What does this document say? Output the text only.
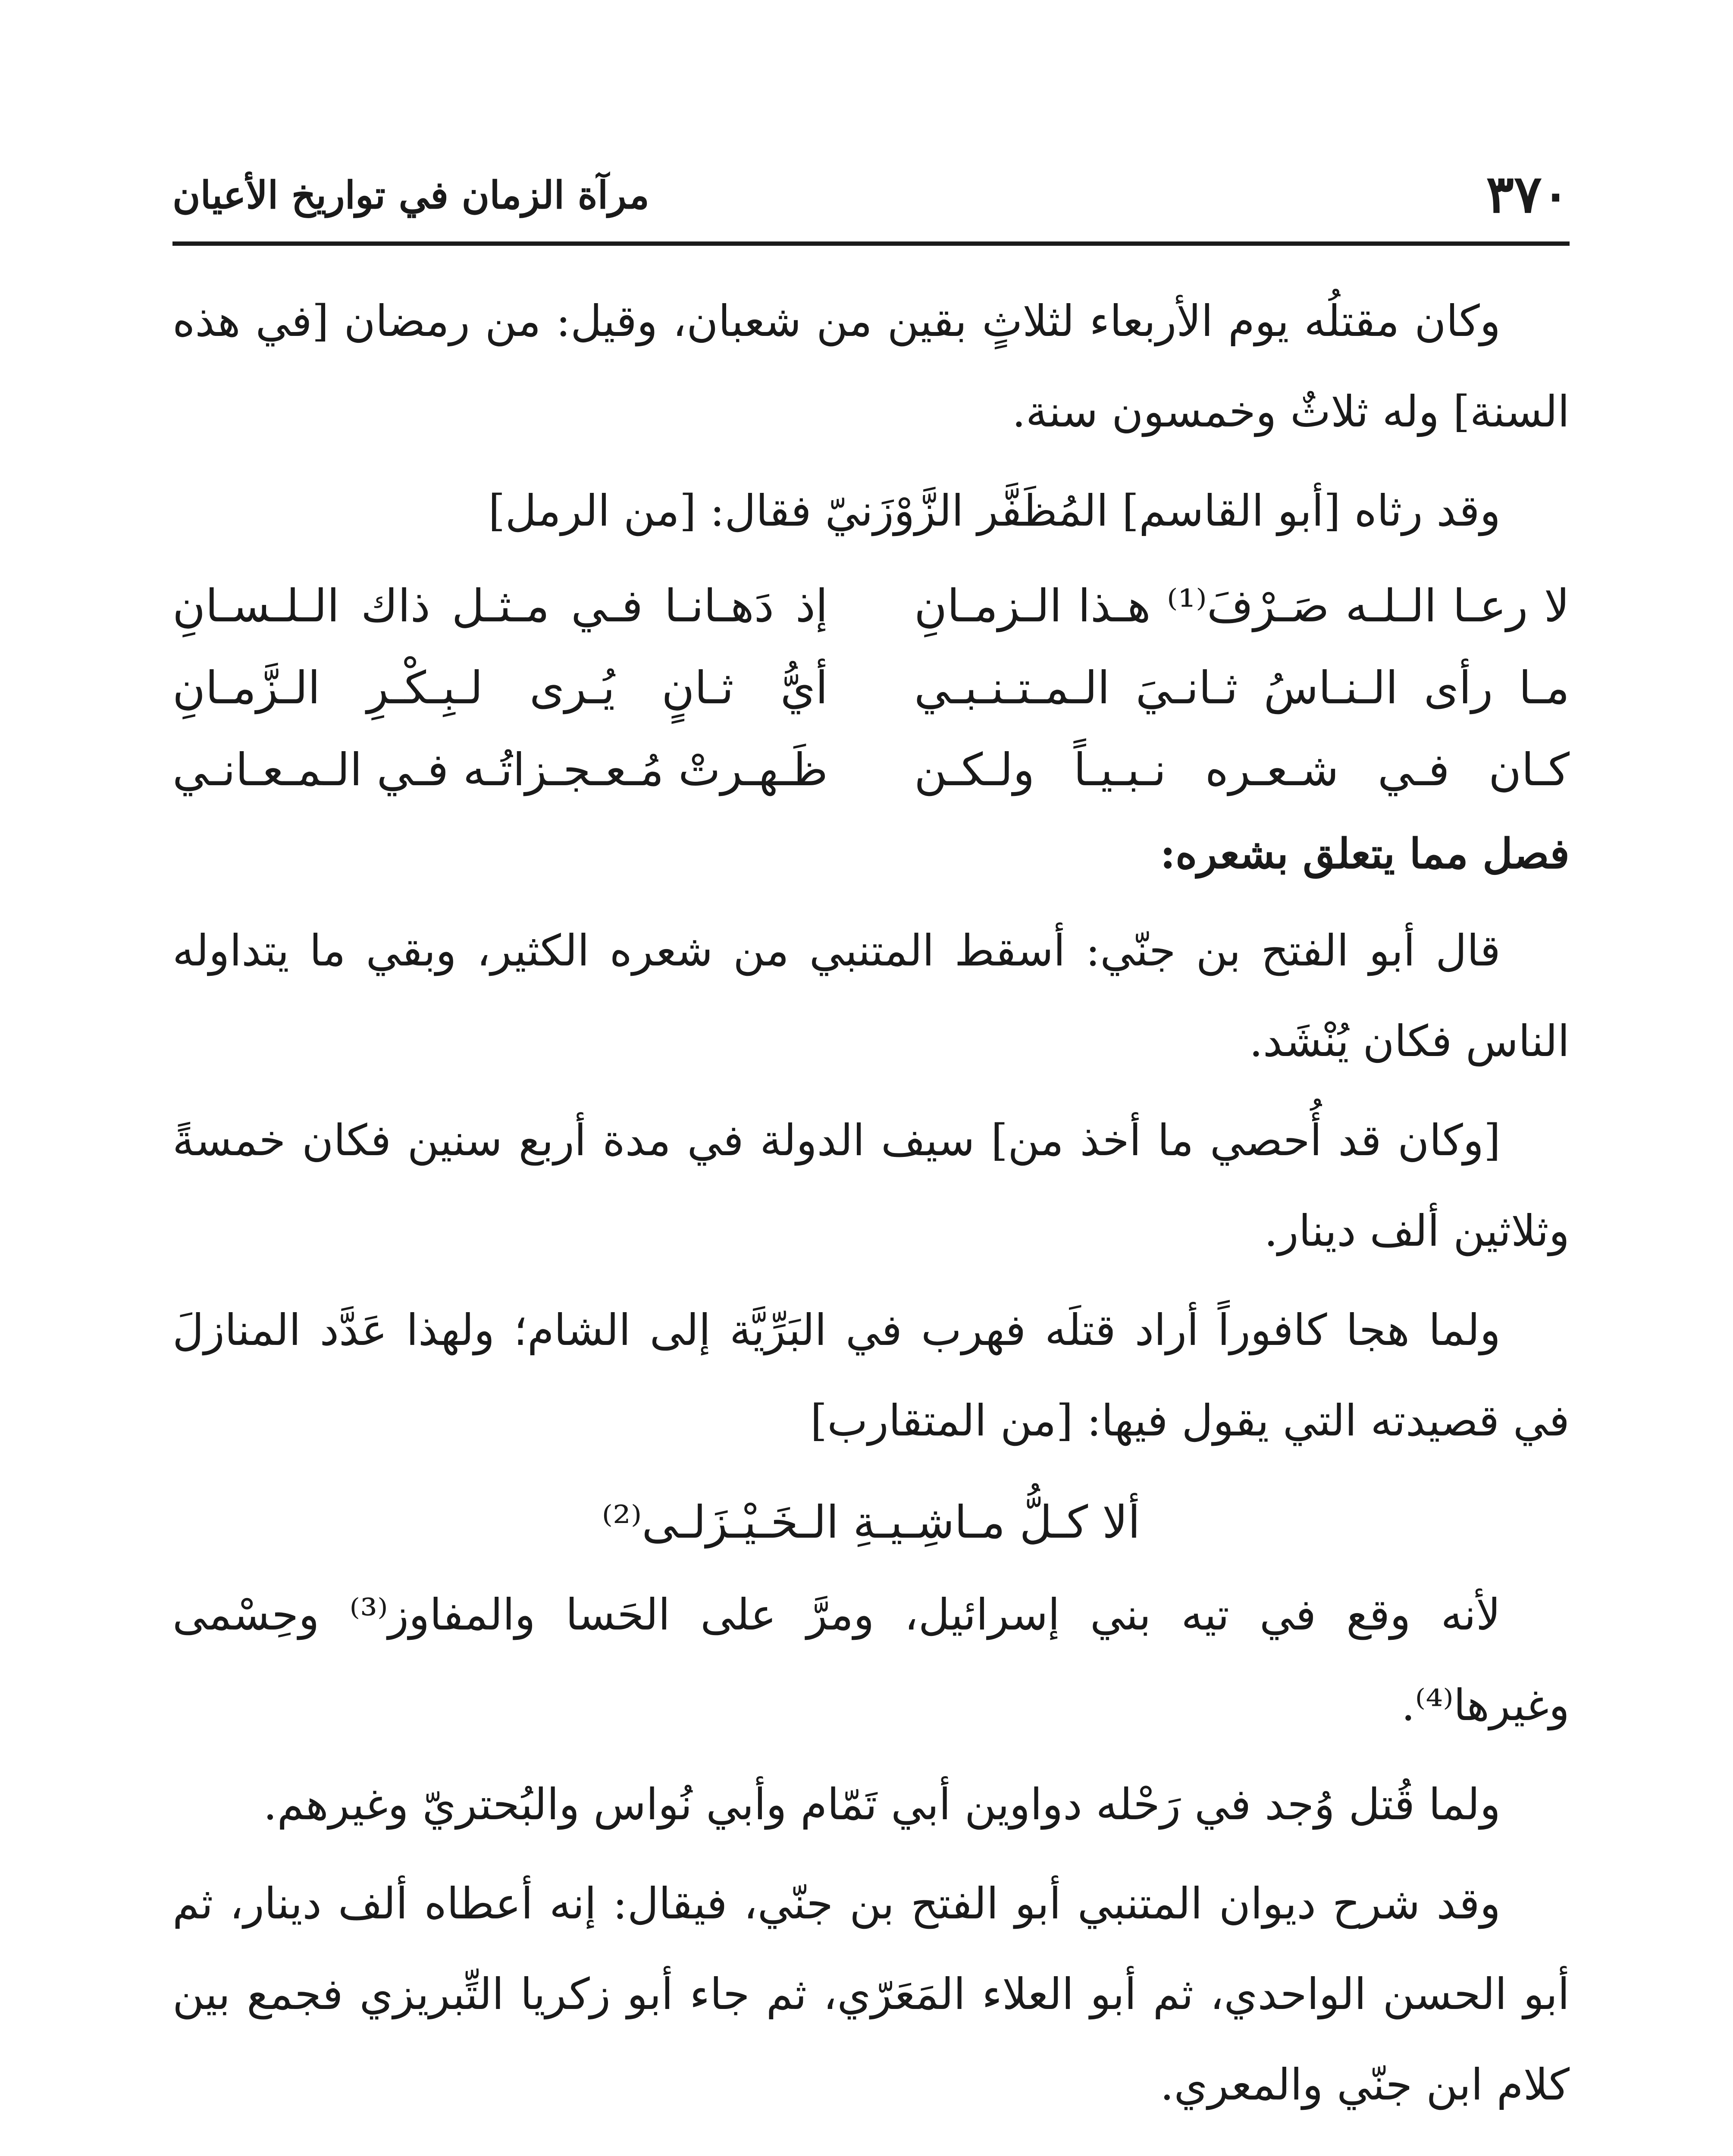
٣٧٠
مرآة الزمان في تواريخ الأعيان

وكان مقتلُه يوم الأربعاء لثلاثٍ بقين من شعبان، وقيل: من رمضان [في هذه السنة] وله ثلاثٌ وخمسون سنة.

وقد رثاه [أبو القاسم] المُظَفَّر الزَّوْزَنيّ فقال: [من الرمل]

لا رعـا الـلـه صَـرْفَ⁽¹⁾ هـذا الـزمـانِ
إذ دَهـانـا فـي مـثـل ذاك الـلـسـانِ
مـا رأى الـنـاسُ ثـانـيَ الـمـتـنـبـي
أيُّ ثـانٍ يُـرى لـبِـكْـرِ الـزَّمـانِ
كـان فـي شـعـره نـبـيـاً ولـكـن
ظَـهـرتْ مُـعـجـزاتُـه فـي الـمـعـانـي
فصل مما يتعلق بشعره:

قال أبو الفتح بن جنّي: أسقط المتنبي من شعره الكثير، وبقي ما يتداوله الناس فكان يُنْشَد.

[وكان قد أُحصي ما أخذ من] سيف الدولة في مدة أربع سنين فكان خمسةً وثلاثين ألف دينار.

ولما هجا كافوراً أراد قتلَه فهرب في البَرِّيَّة إلى الشام؛ ولهذا عَدَّد المنازلَ في قصيدته التي يقول فيها: [من المتقارب]

ألا كـلُّ مـاشِـيـةِ الـخَـيْـزَلـى⁽²⁾

لأنه وقع في تيه بني إسرائيل، ومرَّ على الحَسا والمفاوز⁽³⁾ وحِسْمى وغيرها⁽⁴⁾.

ولما قُتل وُجد في رَحْله دواوين أبي تَمّام وأبي نُواس والبُحتريّ وغيرهم.

وقد شرح ديوان المتنبي أبو الفتح بن جنّي، فيقال: إنه أعطاه ألف دينار، ثم أبو الحسن الواحدي، ثم أبو العلاء المَعَرّي، ثم جاء أبو زكريا التِّبريزي فجمع بين كلام ابن جنّي والمعري.
